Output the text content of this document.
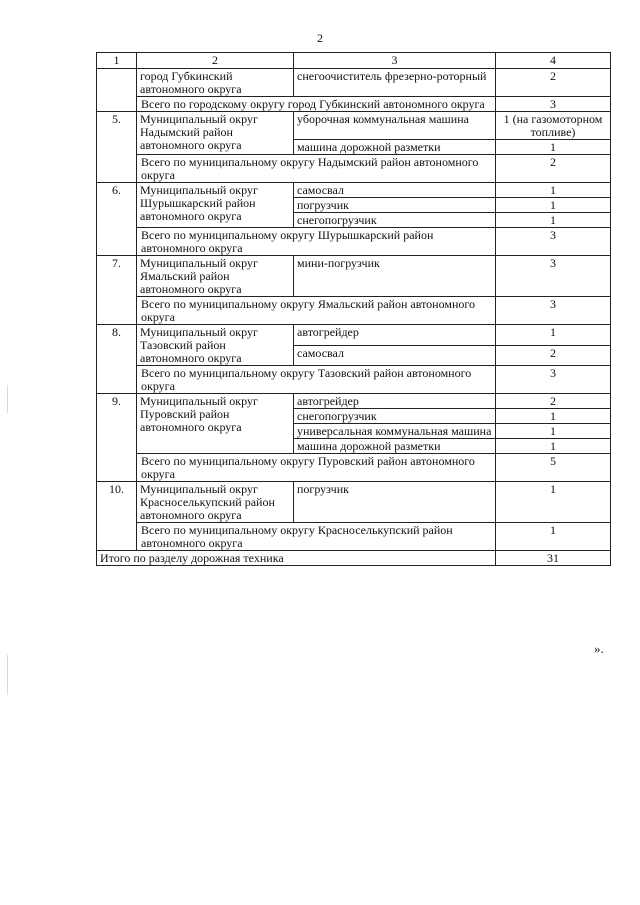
2
1	2	3	4
	город Губкинский автономного округа	снегоочиститель фрезерно-роторный	2
	Всего по городскому округу город Губкинский автономного округа		3
5.	Муниципальный округ Надымский район автономного округа	уборочная коммунальная машина	1 (на газомоторном топливе)
		машина дорожной разметки	1
	Всего по муниципальному округу Надымский район автономного округа		2
6.	Муниципальный округ Шурышкарский район автономного округа	самосвал	1
		погрузчик	1
		снегопогрузчик	1
	Всего по муниципальному округу Шурышкарский район автономного округа		3
7.	Муниципальный округ Ямальский район автономного округа	мини-погрузчик	3
	Всего по муниципальному округу Ямальский район автономного округа		3
8.	Муниципальный округ Тазовский район автономного округа	автогрейдер	1
		самосвал	2
	Всего по муниципальному округу Тазовский район автономного округа		3
9.	Муниципальный округ Пуровский район автономного округа	автогрейдер	2
		снегопогрузчик	1
		универсальная коммунальная машина	1
		машина дорожной разметки	1
	Всего по муниципальному округу Пуровский район автономного округа		5
10.	Муниципальный округ Красноселькупский район автономного округа	погрузчик	1
	Всего по муниципальному округу Красноселькупский район автономного округа		1
Итого по разделу дорожная техника			31
».
